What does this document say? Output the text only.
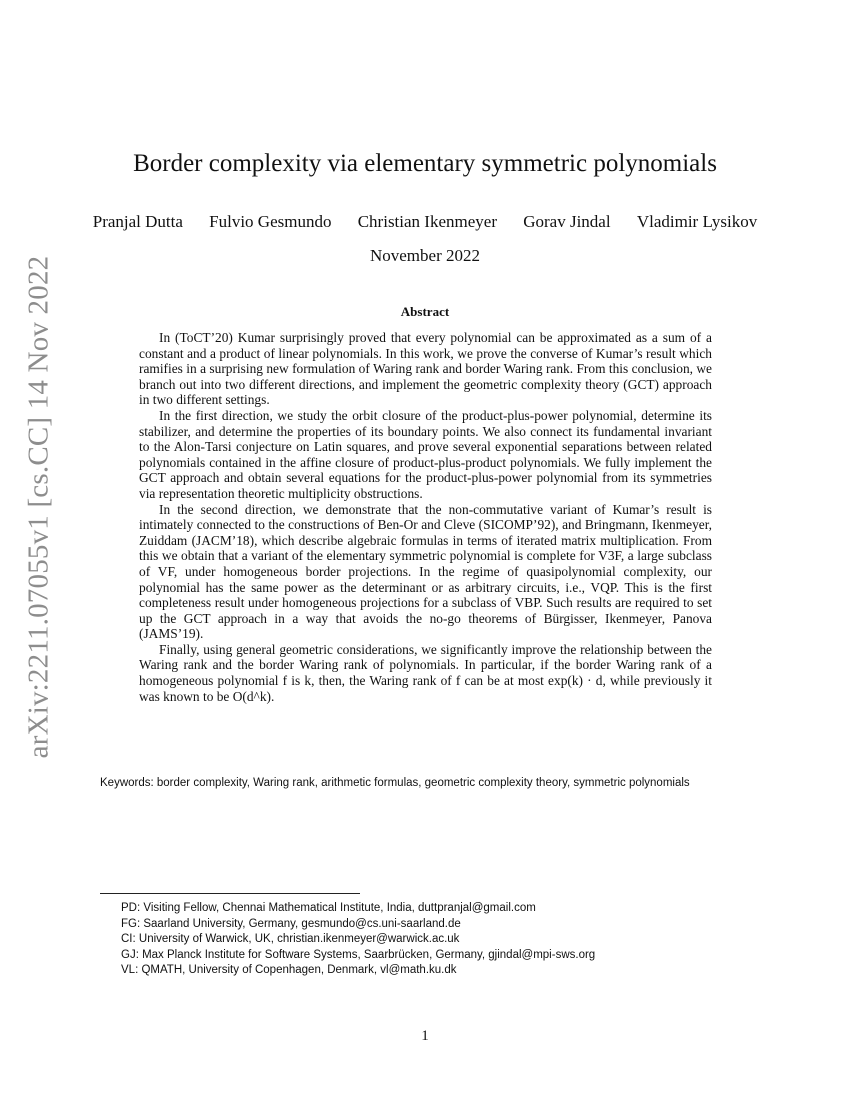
arXiv:2211.07055v1 [cs.CC] 14 Nov 2022
Border complexity via elementary symmetric polynomials
Pranjal Dutta Fulvio Gesmundo Christian Ikenmeyer Gorav Jindal Vladimir Lysikov
November 2022
Abstract

In (ToCT’20) Kumar surprisingly proved that every polynomial can be approximated as a sum of a constant and a product of linear polynomials. In this work, we prove the converse of Kumar’s result which ramifies in a surprising new formulation of Waring rank and border Waring rank. From this conclusion, we branch out into two different directions, and implement the geometric complexity theory (GCT) approach in two different settings.

In the first direction, we study the orbit closure of the product-plus-power polynomial, determine its stabilizer, and determine the properties of its boundary points. We also connect its fundamental invariant to the Alon-Tarsi conjecture on Latin squares, and prove several exponential separations between related polynomials contained in the affine closure of product-plus-product polynomials. We fully implement the GCT approach and obtain several equations for the product-plus-power polynomial from its symmetries via representation theoretic multiplicity obstructions.

In the second direction, we demonstrate that the non-commutative variant of Kumar’s result is intimately connected to the constructions of Ben-Or and Cleve (SICOMP’92), and Bringmann, Ikenmeyer, Zuiddam (JACM’18), which describe algebraic formulas in terms of iterated matrix multiplication. From this we obtain that a variant of the elementary symmetric polynomial is complete for V3F, a large subclass of VF, under homogeneous border projections. In the regime of quasipolynomial complexity, our polynomial has the same power as the determinant or as arbitrary circuits, i.e., VQP. This is the first completeness result under homogeneous projections for a subclass of VBP. Such results are required to set up the GCT approach in a way that avoids the no-go theorems of Bürgisser, Ikenmeyer, Panova (JAMS’19).

Finally, using general geometric considerations, we significantly improve the relationship between the Waring rank and the border Waring rank of polynomials. In particular, if the border Waring rank of a homogeneous polynomial f is k, then, the Waring rank of f can be at most exp(k) · d, while previously it was known to be O(d^k).

Keywords: border complexity, Waring rank, arithmetic formulas, geometric complexity theory, symmetric polynomials
PD: Visiting Fellow, Chennai Mathematical Institute, India, duttpranjal@gmail.com
FG: Saarland University, Germany, gesmundo@cs.uni-saarland.de
CI: University of Warwick, UK, christian.ikenmeyer@warwick.ac.uk
GJ: Max Planck Institute for Software Systems, Saarbrücken, Germany, gjindal@mpi-sws.org
VL: QMATH, University of Copenhagen, Denmark, vl@math.ku.dk
1
